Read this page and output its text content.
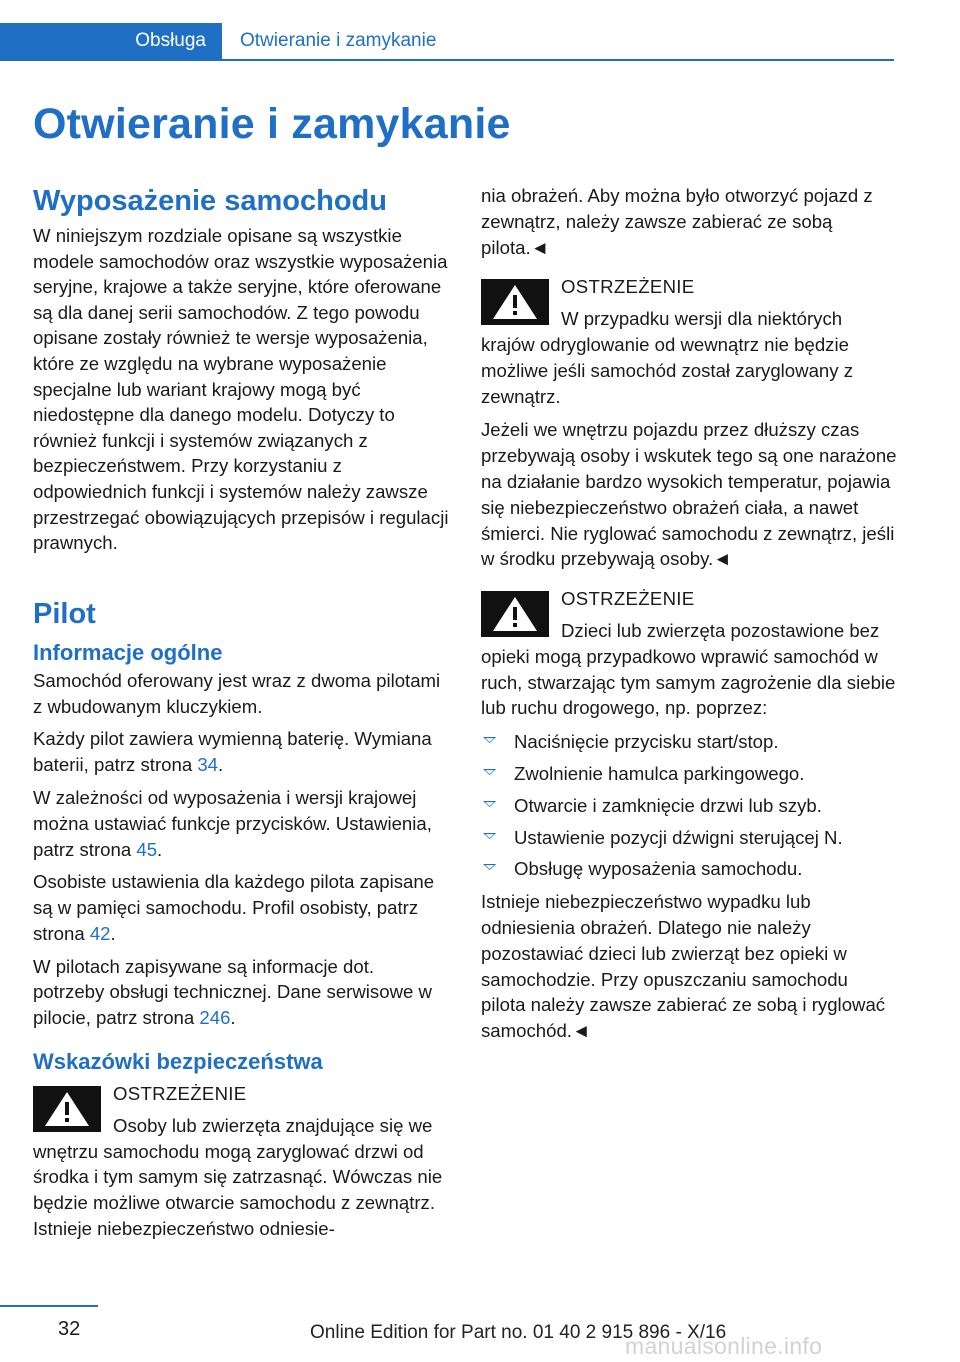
Obsługa Otwieranie i zamykanie
Otwieranie i zamykanie
Wyposażenie samochodu

W niniejszym rozdziale opisane są wszystkie modele samochodów oraz wszystkie wyposażenia seryjne, krajowe a także seryjne, które oferowane są dla danej serii samochodów. Z tego powodu opisane zostały również te wersje wyposażenia, które ze względu na wybrane wyposażenie specjalne lub wariant krajowy mogą być niedostępne dla danego modelu. Dotyczy to również funkcji i systemów związanych z bezpieczeństwem. Przy korzystaniu z odpowiednich funkcji i systemów należy zawsze przestrzegać obowiązujących przepisów i regulacji prawnych.

Pilot
Informacje ogólne

Samochód oferowany jest wraz z dwoma pilotami z wbudowanym kluczykiem.

Każdy pilot zawiera wymienną baterię. Wymiana baterii, patrz strona 34.

W zależności od wyposażenia i wersji krajowej można ustawiać funkcje przycisków. Ustawienia, patrz strona 45.

Osobiste ustawienia dla każdego pilota zapisane są w pamięci samochodu. Profil osobisty, patrz strona 42.

W pilotach zapisywane są informacje dot. potrzeby obsługi technicznej. Dane serwisowe w pilocie, patrz strona 246.

Wskazówki bezpieczeństwa
OSTRZEŻENIE
Osoby lub zwierzęta znajdujące się we wnętrzu samochodu mogą zaryglować drzwi od środka i tym samym się zatrzasnąć. Wówczas nie będzie możliwe otwarcie samochodu z zewnątrz. Istnieje niebezpieczeństwo odniesie-

nia obrażeń. Aby można było otworzyć pojazd z zewnątrz, należy zawsze zabierać ze sobą pilota.◄

OSTRZEŻENIE
W przypadku wersji dla niektórych krajów odryglowanie od wewnątrz nie będzie możliwe jeśli samochód został zaryglowany z zewnątrz.

Jeżeli we wnętrzu pojazdu przez dłuższy czas przebywają osoby i wskutek tego są one narażone na działanie bardzo wysokich temperatur, pojawia się niebezpieczeństwo obrażeń ciała, a nawet śmierci. Nie ryglować samochodu z zewnątrz, jeśli w środku przebywają osoby.◄

OSTRZEŻENIE
Dzieci lub zwierzęta pozostawione bez opieki mogą przypadkowo wprawić samochód w ruch, stwarzając tym samym zagrożenie dla siebie lub ruchu drogowego, np. poprzez:
Naciśnięcie przycisku start/stop.
Zwolnienie hamulca parkingowego.
Otwarcie i zamknięcie drzwi lub szyb.
Ustawienie pozycji dźwigni sterującej N.
Obsługę wyposażenia samochodu.

Istnieje niebezpieczeństwo wypadku lub odniesienia obrażeń. Dlatego nie należy pozostawiać dzieci lub zwierząt bez opieki w samochodzie. Przy opuszczaniu samochodu pilota należy zawsze zabierać ze sobą i ryglować samochód.◄

32	Online Edition for Part no. 01 40 2 915 896 - X/16
manualsonline.info
